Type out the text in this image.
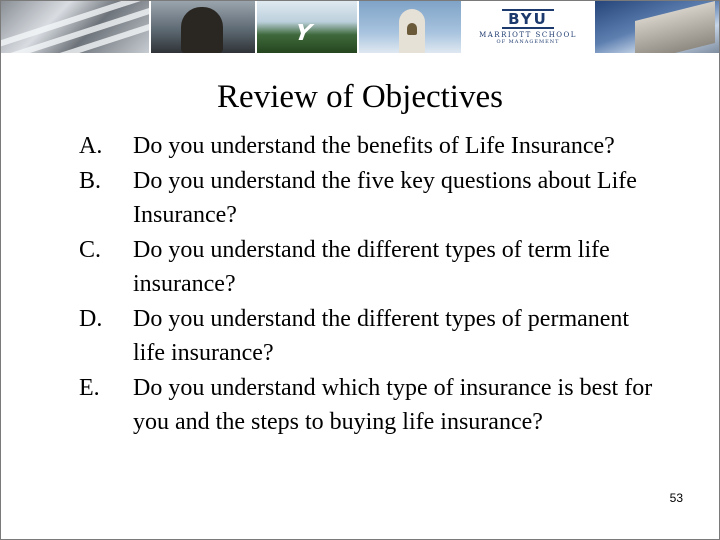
Y
BYU
MARRIOTT SCHOOL
OF MANAGEMENT
Review of Objectives
A.	Do you understand the benefits of Life Insurance?
B.	Do you understand the five key questions about Life Insurance?
C.	Do you understand the different types of term life insurance?
D.	Do you understand the different types of permanent life insurance?
E.	Do you understand which type of insurance is best for you and the steps to buying life insurance?
53
